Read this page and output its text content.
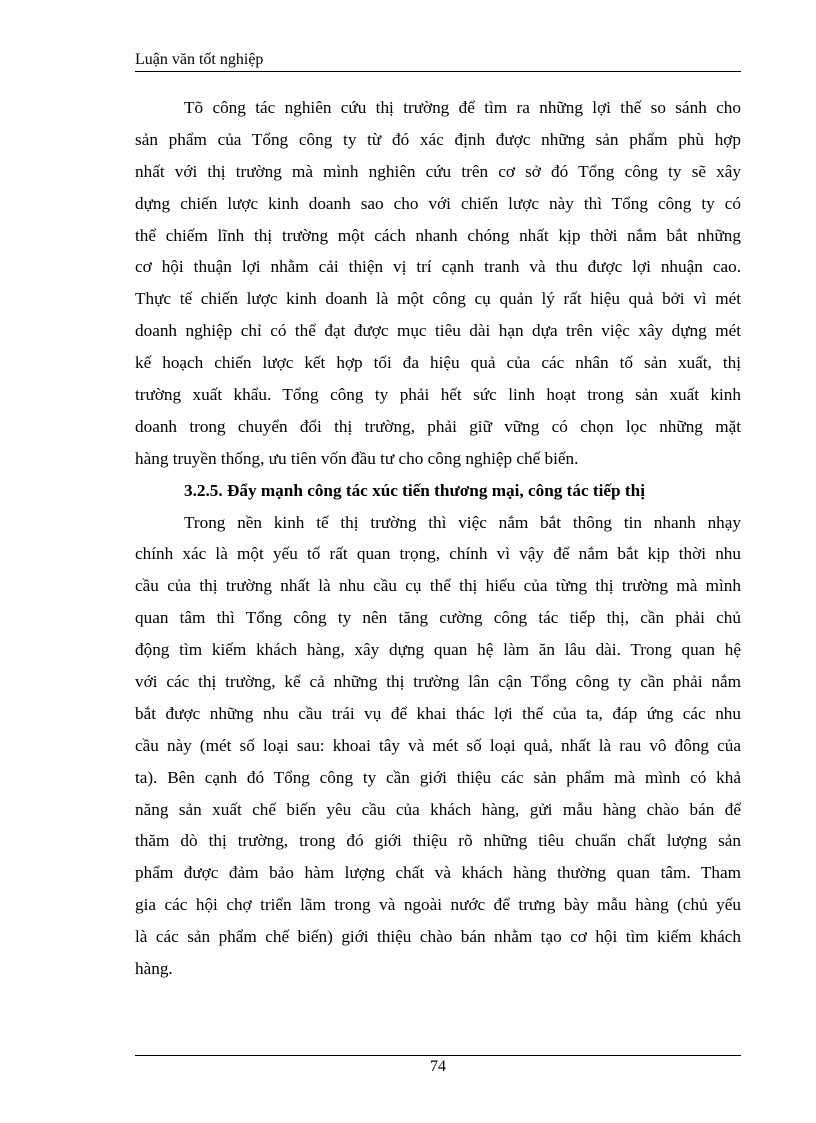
Luận văn tốt nghiệp
Tõ công tác nghiên cứu thị trường để tìm ra những lợi thế so sánh cho
sản phẩm của Tổng công ty từ đó xác định được những sản phẩm phù hợp
nhất với thị trường mà mình nghiên cứu trên cơ sở đó Tổng công ty sẽ xây
dựng chiến lược kinh doanh sao cho với chiến lược này thì Tổng công ty có
thể chiếm lĩnh thị trường một cách nhanh chóng nhất kịp thời nắm bắt những
cơ hội thuận lợi nhằm cải thiện vị trí cạnh tranh và thu được lợi nhuận cao.
Thực tế chiến lược kinh doanh là một công cụ quản lý rất hiệu quả bởi vì mét
doanh nghiệp chỉ có thể đạt được mục tiêu dài hạn dựa trên việc xây dựng mét
kế hoạch chiến lược kết hợp tối đa hiệu quả của các nhân tố sản xuất, thị
trường xuất khẩu. Tổng công ty phải hết sức linh hoạt trong sản xuất kinh
doanh trong chuyển đổi thị trường, phải giữ vững có chọn lọc những mặt
hàng truyền thống, ưu tiên vốn đầu tư cho công nghiệp chế biến.
3.2.5. Đẩy mạnh công tác xúc tiến thương mại, công tác tiếp thị
Trong nền kinh tế thị trường thì việc nắm bắt thông tin nhanh nhạy
chính xác là một yếu tố rất quan trọng, chính vì vậy để nắm bắt kịp thời nhu
cầu của thị trường nhất là nhu cầu cụ thể thị hiếu của từng thị trường mà mình
quan tâm thì Tổng công ty nên tăng cường công tác tiếp thị, cần phải chủ
động tìm kiếm khách hàng, xây dựng quan hệ làm ăn lâu dài. Trong quan hệ
với các thị trường, kể cả những thị trường lân cận Tổng công ty cần phải nắm
bắt được những nhu cầu trái vụ để khai thác lợi thế của ta, đáp ứng các nhu
cầu này (mét số loại sau: khoai tây và mét số loại quả, nhất là rau vô đông của
ta). Bên cạnh đó Tổng công ty cần giới thiệu các sản phẩm mà mình có khả
năng sản xuất chế biến yêu cầu của khách hàng, gửi mẫu hàng chào bán để
thăm dò thị trường, trong đó giới thiệu rõ những tiêu chuẩn chất lượng sản
phẩm được đảm bảo hàm lượng chất và khách hàng thường quan tâm. Tham
gia các hội chợ triển lãm trong và ngoài nước để trưng bày mẫu hàng (chủ yếu
là các sản phẩm chế biến) giới thiệu chào bán nhằm tạo cơ hội tìm kiếm khách
hàng.
74
